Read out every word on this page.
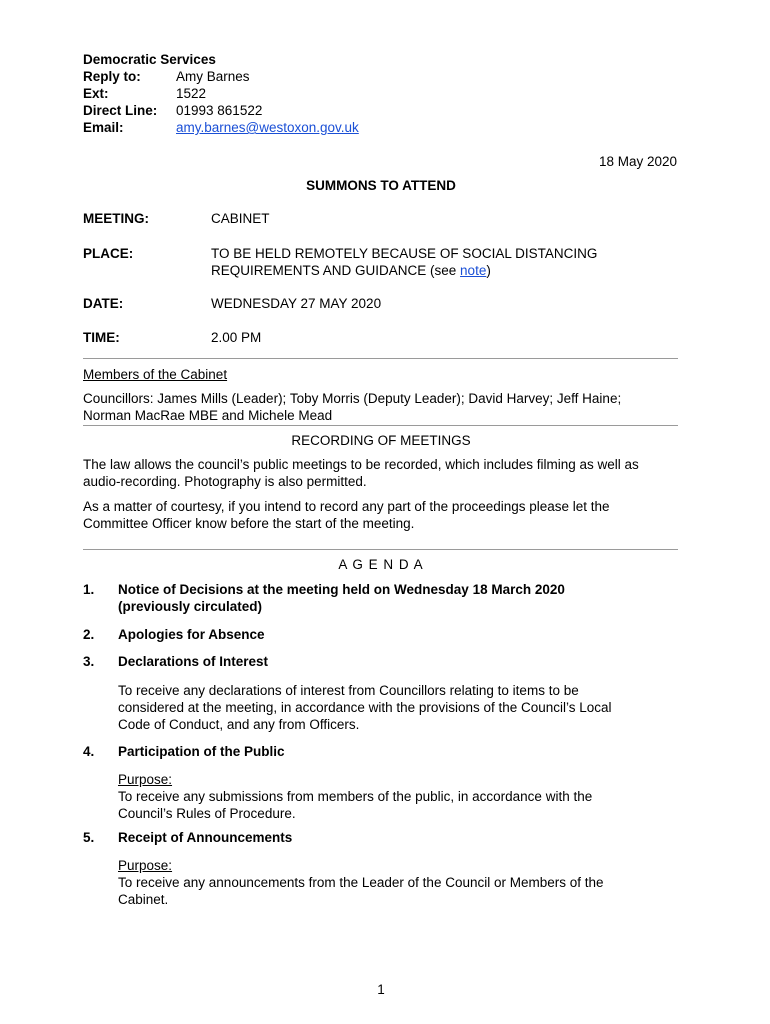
Democratic Services
Reply to:	Amy Barnes
Ext:	1522
Direct Line: 01993 861522
Email:	amy.barnes@westoxon.gov.uk
18 May 2020
SUMMONS TO ATTEND
MEETING:	CABINET
PLACE:	TO BE HELD REMOTELY BECAUSE OF SOCIAL DISTANCING
REQUIREMENTS AND GUIDANCE (see note)
DATE:	WEDNESDAY 27 MAY 2020
TIME:	2.00 PM
Members of the Cabinet
Councillors: James Mills (Leader); Toby Morris (Deputy Leader); David Harvey; Jeff Haine;
Norman MacRae MBE and Michele Mead
RECORDING OF MEETINGS
The law allows the council’s public meetings to be recorded, which includes filming as well as
audio-recording. Photography is also permitted.
As a matter of courtesy, if you intend to record any part of the proceedings please let the
Committee Officer know before the start of the meeting.
A G E N D A
1. Notice of Decisions at the meeting held on Wednesday 18 March 2020
(previously circulated)
2. Apologies for Absence
3. Declarations of Interest
To receive any declarations of interest from Councillors relating to items to be
considered at the meeting, in accordance with the provisions of the Council’s Local
Code of Conduct, and any from Officers.
4. Participation of the Public
Purpose:
To receive any submissions from members of the public, in accordance with the
Council’s Rules of Procedure.
5. Receipt of Announcements
Purpose:
To receive any announcements from the Leader of the Council or Members of the
Cabinet.
1
